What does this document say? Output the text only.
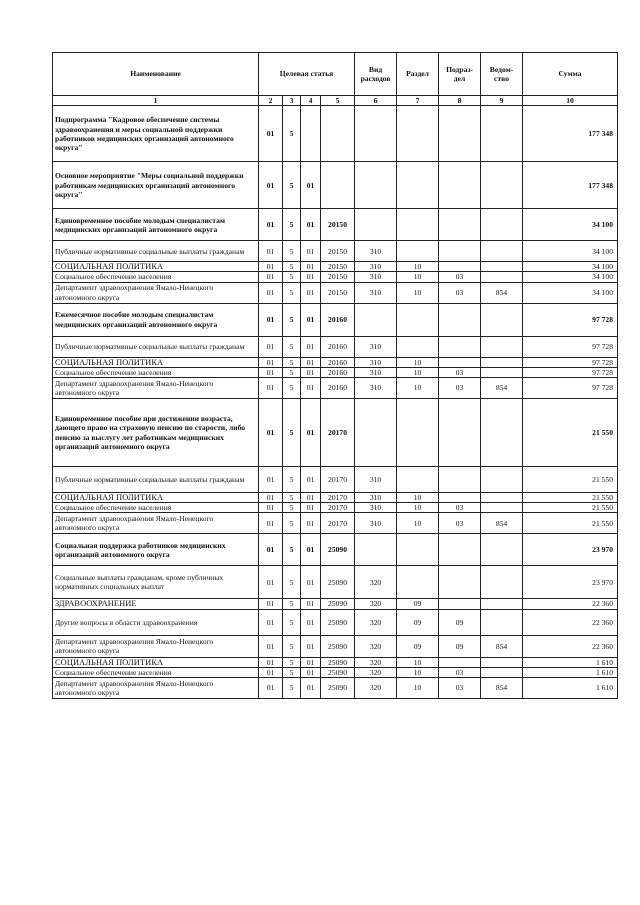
Наименование	Целевая статья				Вид расходов	Раздел	Подраз- дел	Ведом- ство	Сумма
1	2	3	4	5	6	7	8	9	10
Подпрограмма "Кадровое обеспечение системы здравоохранения и меры социальной поддержки работников медицинских организаций автономного округа"	01	5							177 348
Основное мероприятие "Меры социальной поддержки работникам медицинских организаций автономного округа"	01	5	01						177 348
Единовременное пособие молодым специалистам медицинских организаций автономного округа	01	5	01	20150					34 100
Публичные нормативные социальные выплаты гражданам	01	5	01	20150	310				34 100
СОЦИАЛЬНАЯ ПОЛИТИКА	01	5	01	20150	310	10			34 100
Социальное обеспечение населения	01	5	01	20150	310	10	03		34 100
Департамент здравоохранения Ямало-Ненецкого автономного округа	01	5	01	20150	310	10	03	854	34 100
Ежемесячное пособие молодым специалистам медицинских организаций автономного округа	01	5	01	20160					97 728
Публичные нормативные социальные выплаты гражданам	01	5	01	20160	310				97 728
СОЦИАЛЬНАЯ ПОЛИТИКА	01	5	01	20160	310	10			97 728
Социальное обеспечение населения	01	5	01	20160	310	10	03		97 728
Департамент здравоохранения Ямало-Ненецкого автономного округа	01	5	01	20160	310	10	03	854	97 728
Единовременное пособие при достижении возраста, дающего право на страховую пенсию по старости, либо пенсию за выслугу лет работникам медицинских организаций автономного округа	01	5	01	20170					21 550
Публичные нормативные социальные выплаты гражданам	01	5	01	20170	310				21 550
СОЦИАЛЬНАЯ ПОЛИТИКА	01	5	01	20170	310	10			21 550
Социальное обеспечение населения	01	5	01	20170	310	10	03		21 550
Департамент здравоохранения Ямало-Ненецкого автономного округа	01	5	01	20170	310	10	03	854	21 550
Социальная поддержка работников медицинских организаций автономного округа	01	5	01	25090					23 970
Социальные выплаты гражданам, кроме публичных нормативных социальных выплат	01	5	01	25090	320				23 970
ЗДРАВООХРАНЕНИЕ	01	5	01	25090	320	09			22 360
Другие вопросы в области здравоохранения	01	5	01	25090	320	09	09		22 360
Департамент здравоохранения Ямало-Ненецкого автономного округа	01	5	01	25090	320	09	09	854	22 360
СОЦИАЛЬНАЯ ПОЛИТИКА	01	5	01	25090	320	10			1 610
Социальное обеспечение населения	01	5	01	25090	320	10	03		1 610
Департамент здравоохранения Ямало-Ненецкого автономного округа	01	5	01	25090	320	10	03	854	1 610
